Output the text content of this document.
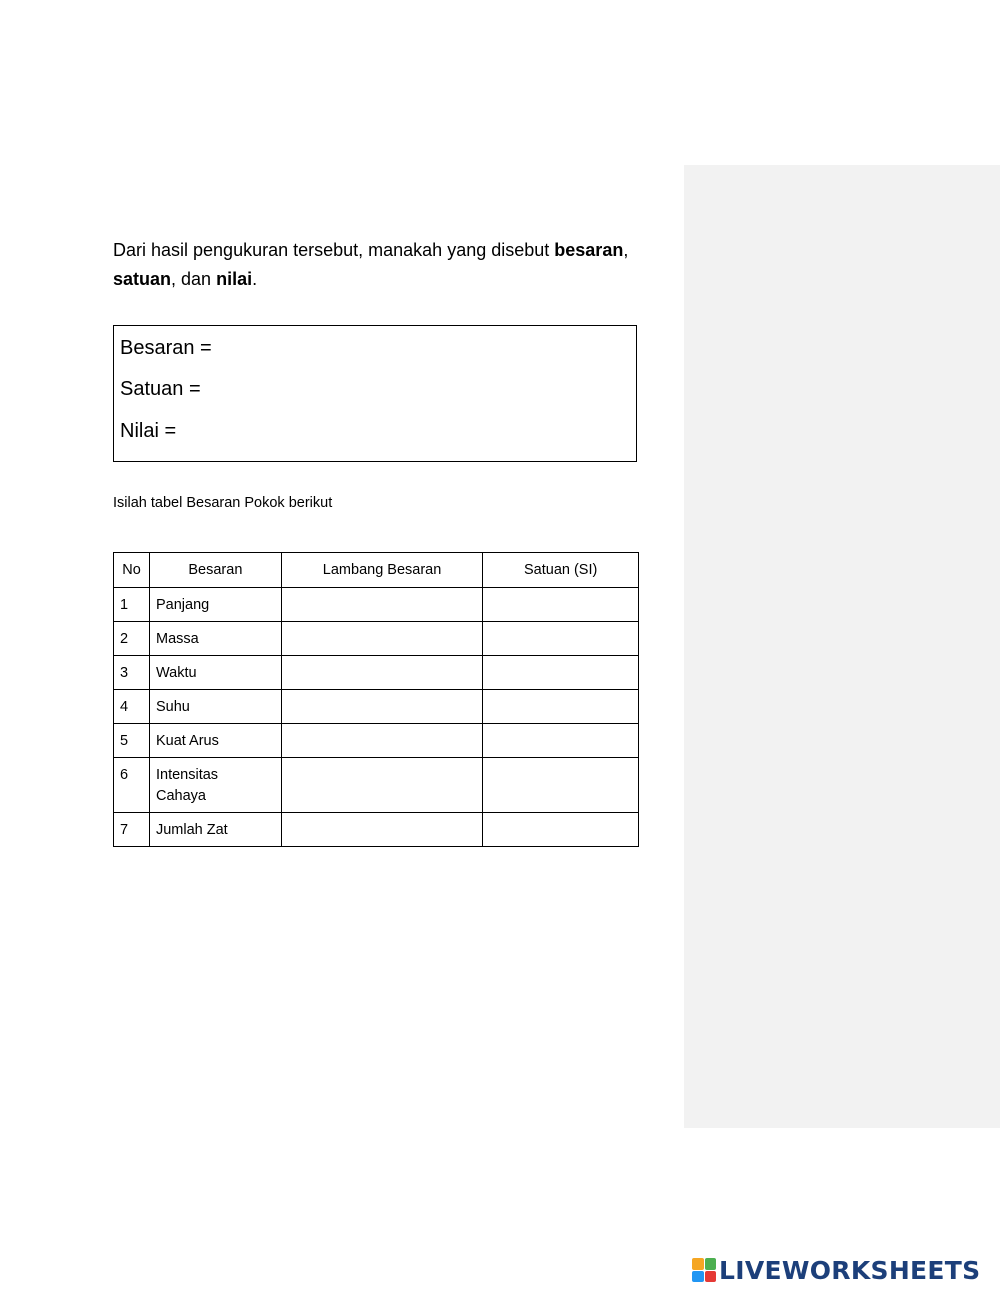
Dari hasil pengukuran tersebut, manakah yang disebut besaran,
satuan, dan nilai.
Besaran =
Satuan =
Nilai =
Isilah tabel Besaran Pokok berikut
No	Besaran	Lambang Besaran	Satuan (SI)
1	Panjang		
2	Massa		
3	Waktu		
4	Suhu		
5	Kuat Arus		
6	Intensitas
Cahaya		
7	Jumlah Zat		
LIVEWORKSHEETS
